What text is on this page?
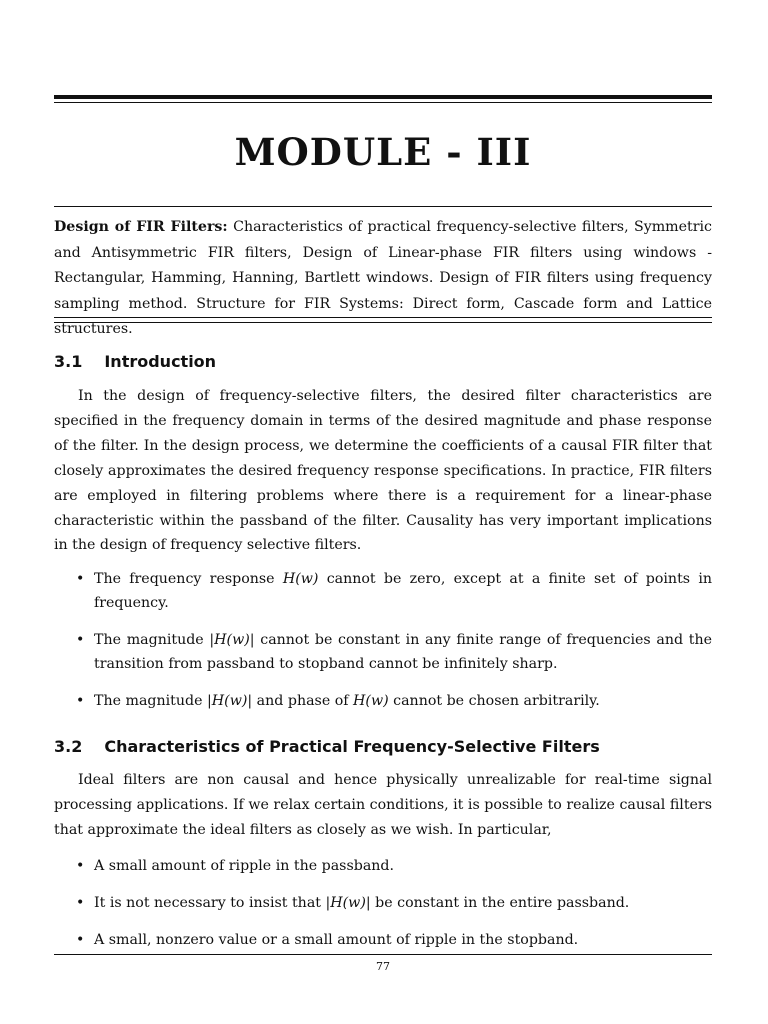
MODULE - III
Design of FIR Filters: Characteristics of practical frequency-selective filters, Symmetric and Antisymmetric FIR filters, Design of Linear-phase FIR filters using windows - Rectangular, Hamming, Hanning, Bartlett windows. Design of FIR filters using frequency sampling method. Structure for FIR Systems: Direct form, Cascade form and Lattice structures.
3.1 Introduction

In the design of frequency-selective filters, the desired filter characteristics are specified in the frequency domain in terms of the desired magnitude and phase response of the filter. In the design process, we determine the coefficients of a causal FIR filter that closely approximates the desired frequency response specifications. In practice, FIR filters are employed in filtering problems where there is a requirement for a linear-phase characteristic within the passband of the filter. Causality has very important implications in the design of frequency selective filters.

• The frequency response H(w) cannot be zero, except at a finite set of points in frequency.
• The magnitude |H(w)| cannot be constant in any finite range of frequencies and the transition from passband to stopband cannot be infinitely sharp.
• The magnitude |H(w)| and phase of H(w) cannot be chosen arbitrarily.
3.2 Characteristics of Practical Frequency-Selective Filters

Ideal filters are non causal and hence physically unrealizable for real-time signal processing applications. If we relax certain conditions, it is possible to realize causal filters that approximate the ideal filters as closely as we wish. In particular,

• A small amount of ripple in the passband.
• It is not necessary to insist that |H(w)| be constant in the entire passband.
• A small, nonzero value or a small amount of ripple in the stopband.
77
